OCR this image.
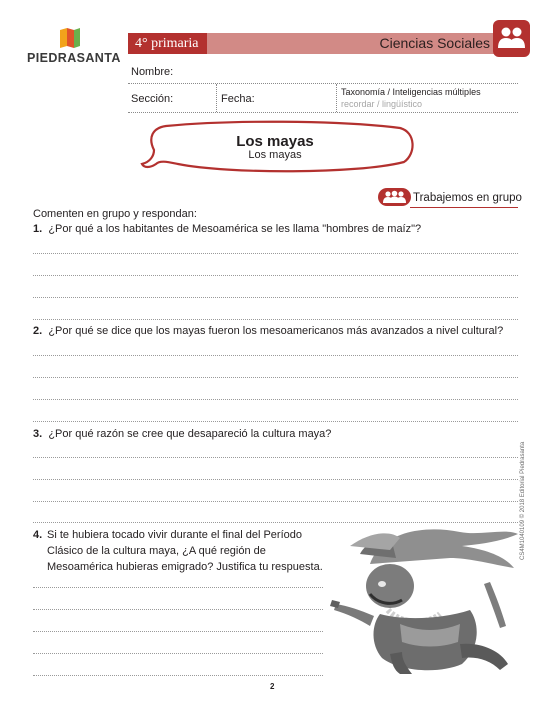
PIEDRASANTA
4° primaria	Ciencias Sociales
Nombre:
Sección:	Fecha:
Taxonomía / Inteligencias múltiples
recordar / lingüístico
Los mayas
Los mayas
Trabajemos en grupo
Comenten en grupo y respondan:
1. ¿Por qué a los habitantes de Mesoamérica se les llama "hombres de maíz"?
2. ¿Por qué se dice que los mayas fueron los mesoamericanos más avanzados a nivel cultural?
3. ¿Por qué razón se cree que desapareció la cultura maya?
4. Si te hubiera tocado vivir durante el final del Período Clásico de la cultura maya, ¿A qué región de Mesoamérica hubieras emigrado? Justifica tu respuesta.
CS4M1040109 © 2018 Editorial Piedrasanta
2
